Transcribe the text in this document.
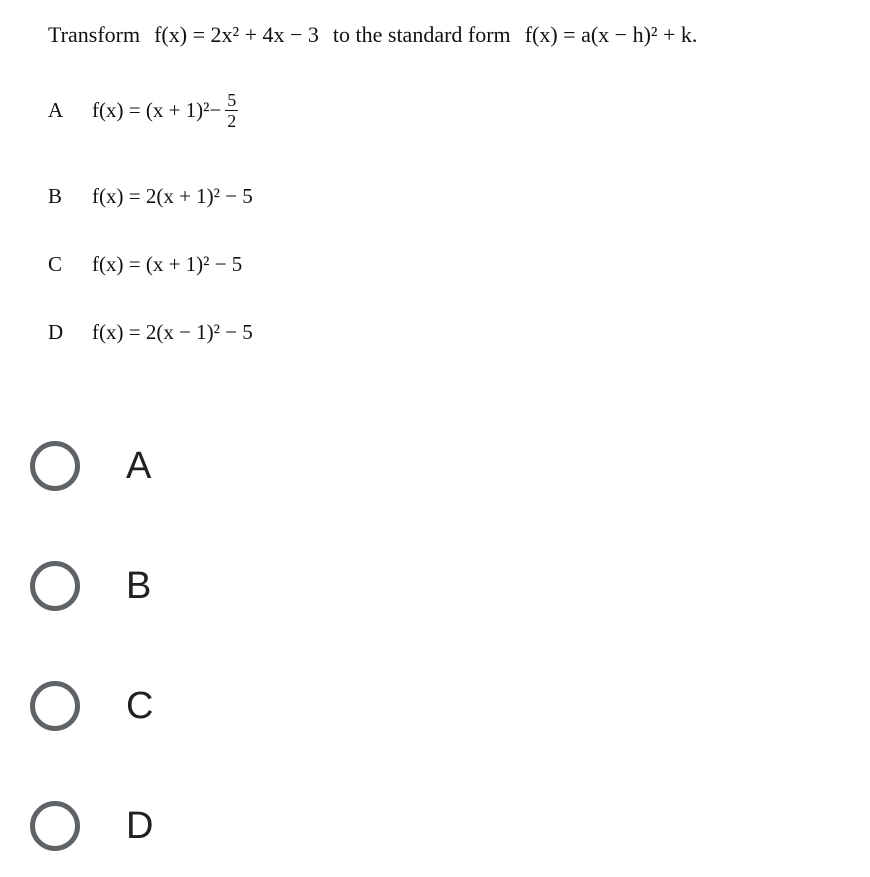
Transform f(x) = 2x² + 4x − 3 to the standard form f(x) = a(x − h)² + k .
A	$f(x) = (x + 1)^2 - \frac{5}{2}$
B	f(x) = 2(x + 1)² − 5
C	f(x) = (x + 1)² − 5
D	f(x) = 2(x − 1)² − 5
A
B
C
D
